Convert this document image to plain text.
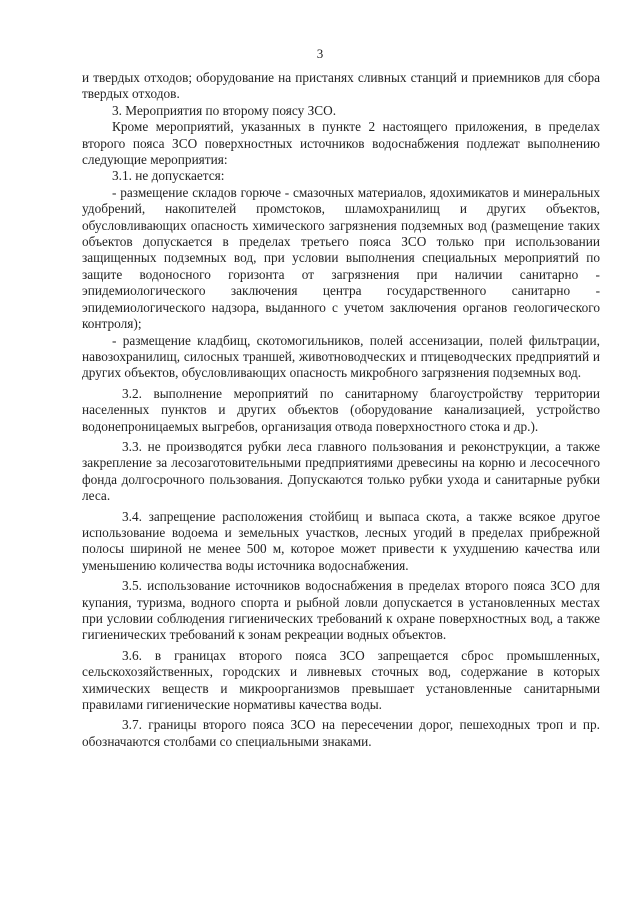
3

и твердых отходов; оборудование на пристанях сливных станций и приемников для сбора твердых отходов.

3. Мероприятия по второму поясу ЗСО.

Кроме мероприятий, указанных в пункте 2 настоящего приложения, в пределах второго пояса ЗСО поверхностных источников водоснабжения подлежат выполнению следующие мероприятия:

3.1. не допускается:

- размещение складов горюче - смазочных материалов, ядохимикатов и минеральных удобрений, накопителей промстоков, шламохранилищ и других объектов, обусловливающих опасность химического загрязнения подземных вод (размещение таких объектов допускается в пределах третьего пояса ЗСО только при использовании защищенных подземных вод, при условии выполнения специальных мероприятий по защите водоносного горизонта от загрязнения при наличии санитарно - эпидемиологического заключения центра государственного санитарно - эпидемиологического надзора, выданного с учетом заключения органов геологического контроля);

- размещение кладбищ, скотомогильников, полей ассенизации, полей фильтрации, навозохранилищ, силосных траншей, животноводческих и птицеводческих предприятий и других объектов, обусловливающих опасность микробного загрязнения подземных вод.

3.2. выполнение мероприятий по санитарному благоустройству территории населенных пунктов и других объектов (оборудование канализацией, устройство водонепроницаемых выгребов, организация отвода поверхностного стока и др.).

3.3. не производятся рубки леса главного пользования и реконструкции, а также закрепление за лесозаготовительными предприятиями древесины на корню и лесосечного фонда долгосрочного пользования. Допускаются только рубки ухода и санитарные рубки леса.

3.4. запрещение расположения стойбищ и выпаса скота, а также всякое другое использование водоема и земельных участков, лесных угодий в пределах прибрежной полосы шириной не менее 500 м, которое может привести к ухудшению качества или уменьшению количества воды источника водоснабжения.

3.5. использование источников водоснабжения в пределах второго пояса ЗСО для купания, туризма, водного спорта и рыбной ловли допускается в установленных местах при условии соблюдения гигиенических требований к охране поверхностных вод, а также гигиенических требований к зонам рекреации водных объектов.

3.6. в границах второго пояса ЗСО запрещается сброс промышленных, сельскохозяйственных, городских и ливневых сточных вод, содержание в которых химических веществ и микроорганизмов превышает установленные санитарными правилами гигиенические нормативы качества воды.

3.7. границы второго пояса ЗСО на пересечении дорог, пешеходных троп и пр. обозначаются столбами со специальными знаками.
